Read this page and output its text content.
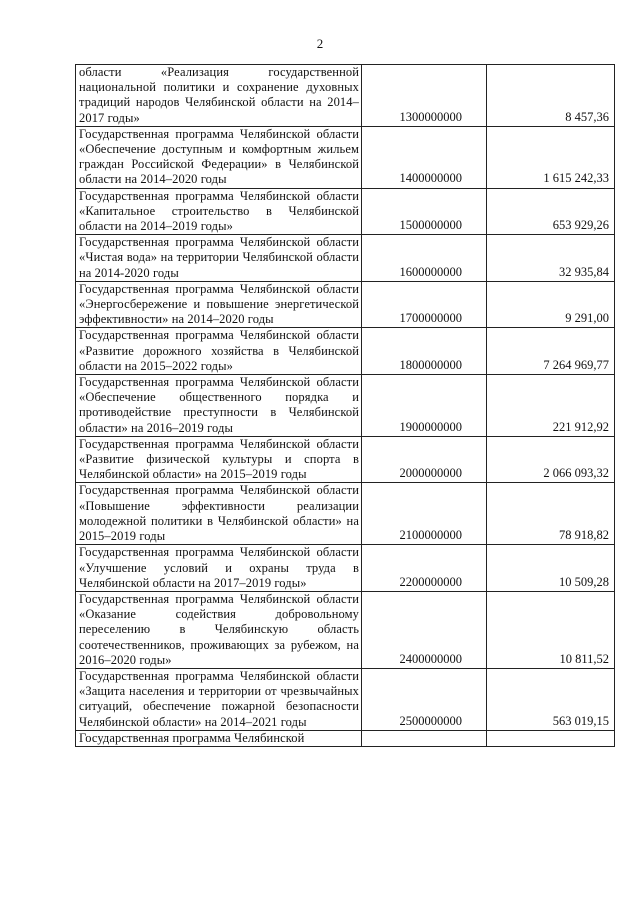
2
области «Реализация государственной национальной политики и сохранение духовных традиций народов Челябинской области на 2014–2017 годы»	1300000000	8 457,36
Государственная программа Челябинской области «Обеспечение доступным и комфортным жильем граждан Российской Федерации» в Челябинской области на 2014–2020 годы	1400000000	1 615 242,33
Государственная программа Челябинской области «Капитальное строительство в Челябинской области на 2014–2019 годы»	1500000000	653 929,26
Государственная программа Челябинской области «Чистая вода» на территории Челябинской области на 2014-2020 годы	1600000000	32 935,84
Государственная программа Челябинской области «Энергосбережение и повышение энергетической эффективности» на 2014–2020 годы	1700000000	9 291,00
Государственная программа Челябинской области «Развитие дорожного хозяйства в Челябинской области на 2015–2022 годы»	1800000000	7 264 969,77
Государственная программа Челябинской области «Обеспечение общественного порядка и противодействие преступности в Челябинской области» на 2016–2019 годы	1900000000	221 912,92
Государственная программа Челябинской области «Развитие физической культуры и спорта в Челябинской области» на 2015–2019 годы	2000000000	2 066 093,32
Государственная программа Челябинской области «Повышение эффективности реализации молодежной политики в Челябинской области» на 2015–2019 годы	2100000000	78 918,82
Государственная программа Челябинской области «Улучшение условий и охраны труда в Челябинской области на 2017–2019 годы»	2200000000	10 509,28
Государственная программа Челябинской области «Оказание содействия добровольному переселению в Челябинскую область соотечественников, проживающих за рубежом, на 2016–2020 годы»	2400000000	10 811,52
Государственная программа Челябинской области «Защита населения и территории от чрезвычайных ситуаций, обеспечение пожарной безопасности Челябинской области» на 2014–2021 годы	2500000000	563 019,15
Государственная программа Челябинской		
